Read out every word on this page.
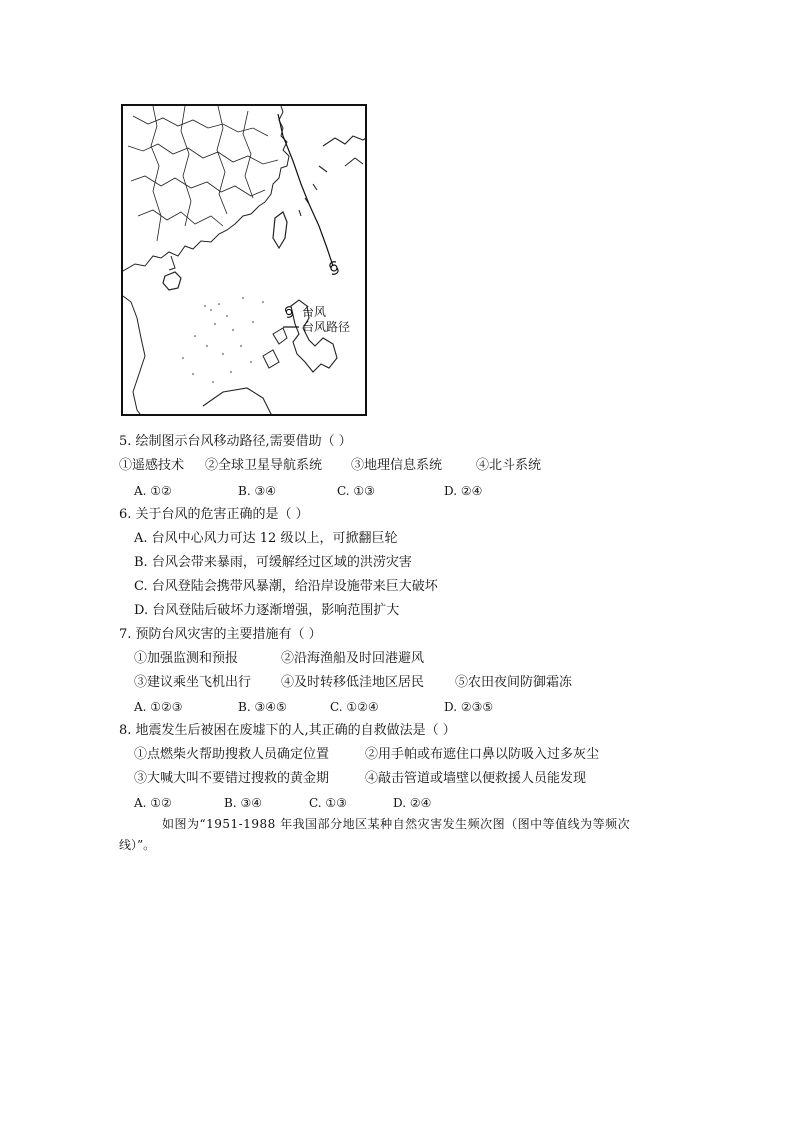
台风
台风路径
5. 绘制图示台风移动路径,需要借助（ ）
①遥感技术 ②全球卫星导航系统 ③地理信息系统	④北斗系统
A. ①②	B. ③④	C. ①③	D. ②④
6. 关于台风的危害正确的是（ ）
A. 台风中心风力可达 12 级以上，可掀翻巨轮
B. 台风会带来暴雨，可缓解经过区域的洪涝灾害
C. 台风登陆会携带风暴潮，给沿岸设施带来巨大破坏
D. 台风登陆后破坏力逐渐增强，影响范围扩大
7. 预防台风灾害的主要措施有（ ）
①加强监测和预报	②沿海渔船及时回港避风
③建议乘坐飞机出行 ④及时转移低洼地区居民 ⑤农田夜间防御霜冻
A. ①②③	B. ③④⑤	C. ①②④	D. ②③⑤
8. 地震发生后被困在废墟下的人,其正确的自救做法是（ ）
①点燃柴火帮助搜救人员确定位置	②用手帕或布遮住口鼻以防吸入过多灰尘
③大喊大叫不要错过搜救的黄金期	④敲击管道或墙壁以便救援人员能发现
A. ①②	B. ③④	C. ①③	D. ②④
如图为“1951-1988 年我国部分地区某种自然灾害发生频次图（图中等值线为等频次
线）”。
